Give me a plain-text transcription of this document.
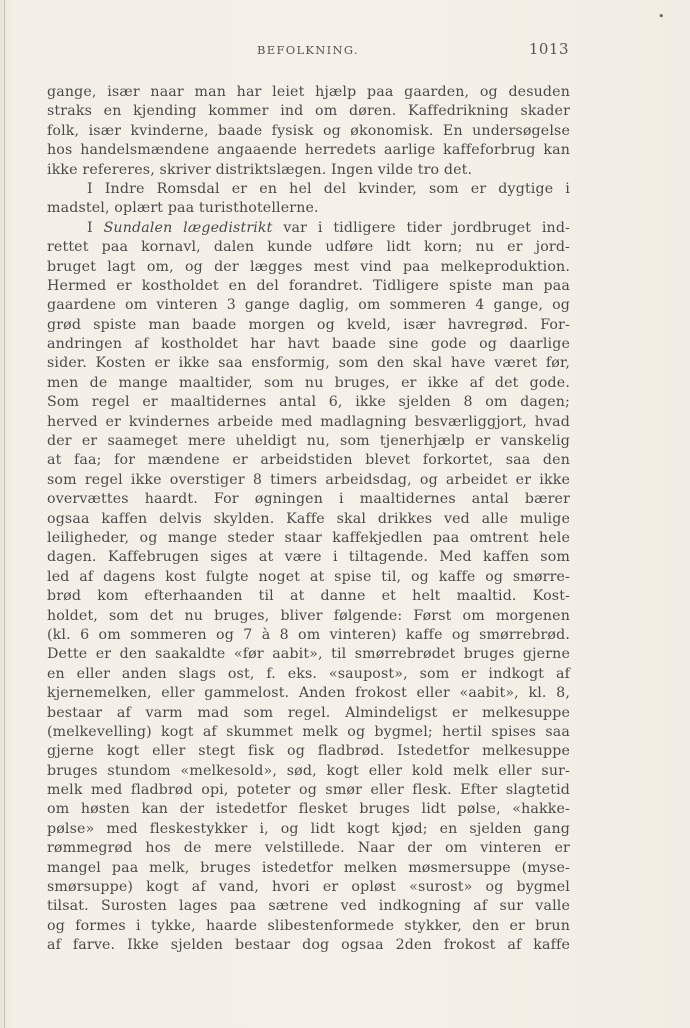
•
BEFOLKNING.	1013
gange, især naar man har leiet hjælp paa gaarden, og desuden
straks en kjending kommer ind om døren. Kaffedrikning skader
folk, især kvinderne, baade fysisk og økonomisk. En undersøgelse
hos handelsmændene angaaende herredets aarlige kaffeforbrug kan
ikke refereres, skriver distriktslægen. Ingen vilde tro det.
I Indre Romsdal er en hel del kvinder, som er dygtige i
madstel, oplært paa turisthotellerne.
I Sundalen lægedistrikt var i tidligere tider jordbruget ind-
rettet paa kornavl, dalen kunde udføre lidt korn; nu er jord-
bruget lagt om, og der lægges mest vind paa melkeproduktion.
Hermed er kostholdet en del forandret. Tidligere spiste man paa
gaardene om vinteren 3 gange daglig, om sommeren 4 gange, og
grød spiste man baade morgen og kveld, især havregrød. For-
andringen af kostholdet har havt baade sine gode og daarlige
sider. Kosten er ikke saa ensformig, som den skal have været før,
men de mange maaltider, som nu bruges, er ikke af det gode.
Som regel er maaltidernes antal 6, ikke sjelden 8 om dagen;
herved er kvindernes arbeide med madlagning besværliggjort, hvad
der er saameget mere uheldigt nu, som tjenerhjælp er vanskelig
at faa; for mændene er arbeidstiden blevet forkortet, saa den
som regel ikke overstiger 8 timers arbeidsdag, og arbeidet er ikke
overvættes haardt. For øgningen i maaltidernes antal bærer
ogsaa kaffen delvis skylden. Kaffe skal drikkes ved alle mulige
leiligheder, og mange steder staar kaffekjedlen paa omtrent hele
dagen. Kaffebrugen siges at være i tiltagende. Med kaffen som
led af dagens kost fulgte noget at spise til, og kaffe og smørre-
brød kom efterhaanden til at danne et helt maaltid. Kost-
holdet, som det nu bruges, bliver følgende: Først om morgenen
(kl. 6 om sommeren og 7 à 8 om vinteren) kaffe og smørrebrød.
Dette er den saakaldte «før aabit», til smørrebrødet bruges gjerne
en eller anden slags ost, f. eks. «saupost», som er indkogt af
kjernemelken, eller gammelost. Anden frokost eller «aabit», kl. 8,
bestaar af varm mad som regel. Almindeligst er melkesuppe
(melkevelling) kogt af skummet melk og bygmel; hertil spises saa
gjerne kogt eller stegt fisk og fladbrød. Istedetfor melkesuppe
bruges stundom «melkesold», sød, kogt eller kold melk eller sur-
melk med fladbrød opi, poteter og smør eller flesk. Efter slagtetid
om høsten kan der istedetfor flesket bruges lidt pølse, «hakke-
pølse» med fleskestykker i, og lidt kogt kjød; en sjelden gang
rømmegrød hos de mere velstillede. Naar der om vinteren er
mangel paa melk, bruges istedetfor melken møsmersuppe (myse-
smørsuppe) kogt af vand, hvori er opløst «surost» og bygmel
tilsat. Surosten lages paa sætrene ved indkogning af sur valle
og formes i tykke, haarde slibestenformede stykker, den er brun
af farve. Ikke sjelden bestaar dog ogsaa 2den frokost af kaffe
